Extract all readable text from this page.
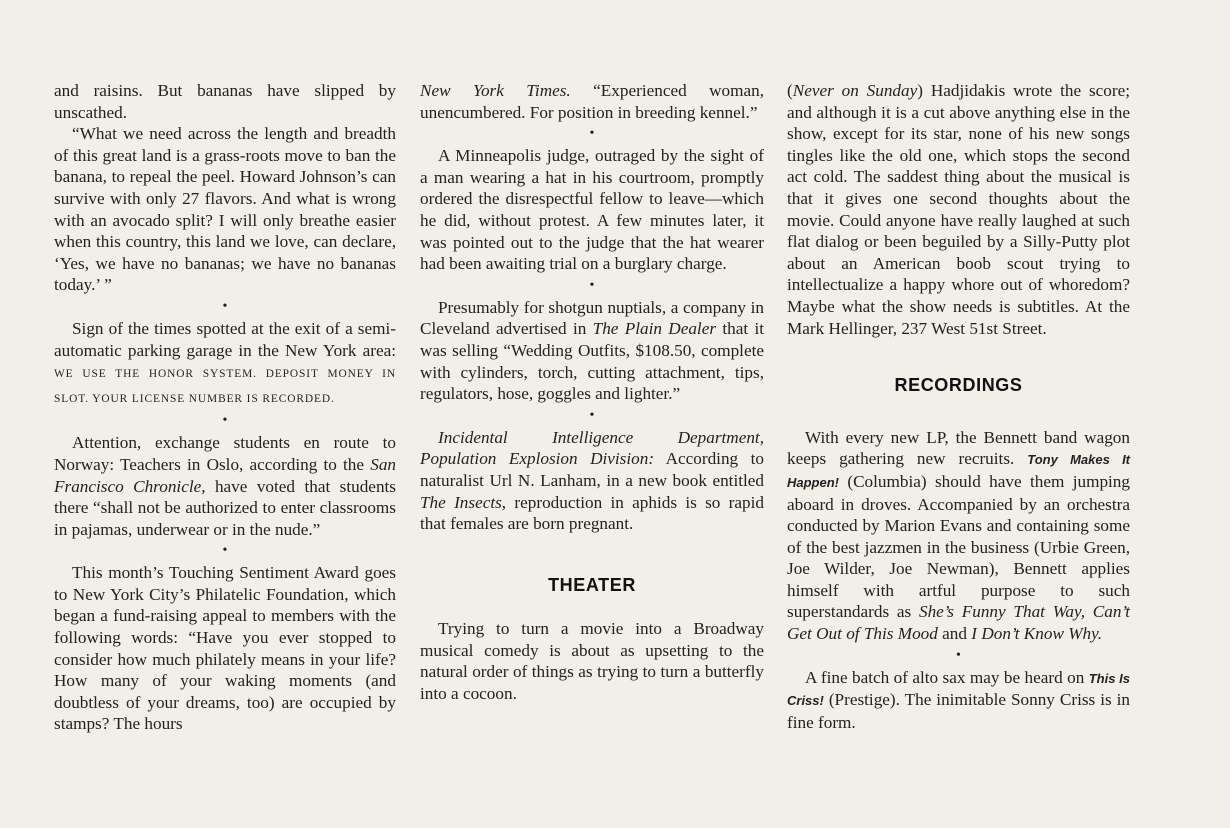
and raisins. But bananas have slipped by unscathed.

“What we need across the length and breadth of this great land is a grass-roots move to ban the banana, to repeal the peel. Howard Johnson’s can survive with only 27 flavors. And what is wrong with an avocado split? I will only breathe easier when this country, this land we love, can declare, ‘Yes, we have no bananas; we have no bananas today.’ ”

•

Sign of the times spotted at the exit of a semi-automatic parking garage in the New York area: WE USE THE HONOR SYSTEM. DEPOSIT MONEY IN SLOT. YOUR LICENSE NUMBER IS RECORDED.

•

Attention, exchange students en route to Norway: Teachers in Oslo, according to the San Francisco Chronicle, have voted that students there “shall not be authorized to enter classrooms in pajamas, underwear or in the nude.”

•

This month’s Touching Sentiment Award goes to New York City’s Philatelic Foundation, which began a fund-raising appeal to members with the following words: “Have you ever stopped to consider how much philately means in your life? How many of your waking moments (and doubtless of your dreams, too) are occupied by stamps? The hours

New York Times. “Experienced woman, unencumbered. For position in breeding kennel.”

•

A Minneapolis judge, outraged by the sight of a man wearing a hat in his courtroom, promptly ordered the disrespectful fellow to leave—which he did, without protest. A few minutes later, it was pointed out to the judge that the hat wearer had been awaiting trial on a burglary charge.

•

Presumably for shotgun nuptials, a company in Cleveland advertised in The Plain Dealer that it was selling “Wedding Outfits, $108.50, complete with cylinders, torch, cutting attachment, tips, regulators, hose, goggles and lighter.”

•

Incidental Intelligence Department, Population Explosion Division: According to naturalist Url N. Lanham, in a new book entitled The Insects, reproduction in aphids is so rapid that females are born pregnant.

THEATER

Trying to turn a movie into a Broadway musical comedy is about as upsetting to the natural order of things as trying to turn a butterfly into a cocoon.

(Never on Sunday) Hadjidakis wrote the score; and although it is a cut above anything else in the show, except for its star, none of his new songs tingles like the old one, which stops the second act cold. The saddest thing about the musical is that it gives one second thoughts about the movie. Could anyone have really laughed at such flat dialog or been beguiled by a Silly-Putty plot about an American boob scout trying to intellectualize a happy whore out of whoredom? Maybe what the show needs is subtitles. At the Mark Hellinger, 237 West 51st Street.

RECORDINGS

With every new LP, the Bennett band wagon keeps gathering new recruits. Tony Makes It Happen! (Columbia) should have them jumping aboard in droves. Accompanied by an orchestra conducted by Marion Evans and containing some of the best jazzmen in the business (Urbie Green, Joe Wilder, Joe Newman), Bennett applies himself with artful purpose to such superstandards as She’s Funny That Way, Can’t Get Out of This Mood and I Don’t Know Why.

•

A fine batch of alto sax may be heard on This Is Criss! (Prestige). The inimitable Sonny Criss is in fine form.
